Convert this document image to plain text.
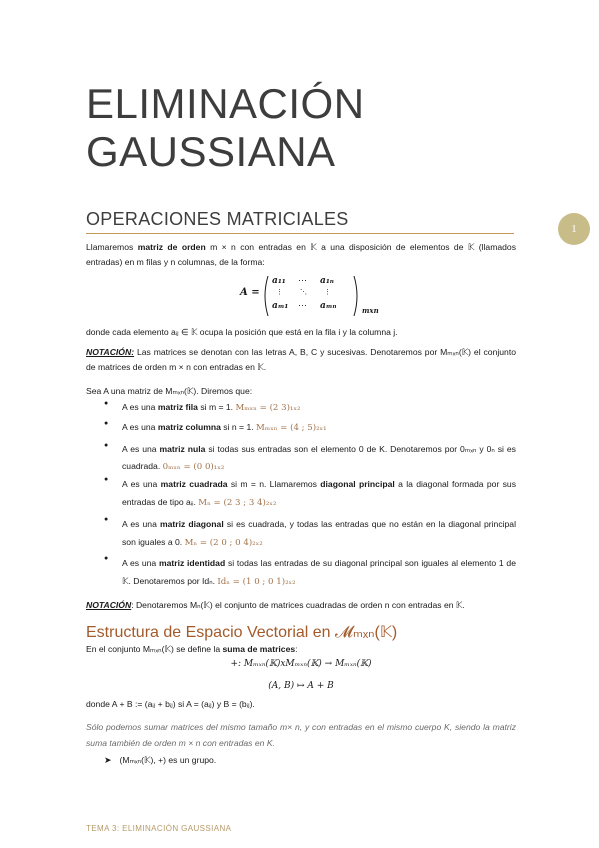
ELIMINACIÓN
GAUSSIANA
OPERACIONES MATRICIALES	1
Llamaremos matriz de orden m × n con entradas en 𝕂 a una disposición de elementos de 𝕂 (llamados entradas) en m filas y n columnas, de la forma:
A =
a₁₁ ⋯ a₁ₙ
⋮ ⋱ ⋮
aₘ₁ ⋯ aₘₙ	mxn
donde cada elemento aᵢⱼ ∈ 𝕂 ocupa la posición que está en la fila i y la columna j.
NOTACIÓN: Las matrices se denotan con las letras A, B, C y sucesivas. Denotaremos por Mₘₓₙ(𝕂) el conjunto de matrices de orden m × n con entradas en 𝕂.
Sea A una matriz de Mₘₓₙ(𝕂). Diremos que:
● A es una matriz fila si m = 1. Mₘₓₙ = (2 3)₁ₓ₂
● A es una matriz columna si n = 1. Mₘₓₙ = (4 ; 5)₂ₓ₁
● A es una matriz nula si todas sus entradas son el elemento 0 de K. Denotaremos por 0ₘₓₙ y 0ₙ si es cuadrada. 0ₘₓₙ = (0 0)₁ₓ₂
● A es una matriz cuadrada si m = n. Llamaremos diagonal principal a la diagonal formada por sus entradas de tipo aᵢᵢ. Mₙ = (2 3 ; 3 4)₂ₓ₂
● A es una matriz diagonal si es cuadrada, y todas las entradas que no están en la diagonal principal son iguales a 0. Mₙ = (2 0 ; 0 4)₂ₓ₂
● A es una matriz identidad si todas las entradas de su diagonal principal son iguales al elemento 1 de 𝕂. Denotaremos por Idₙ. Idₙ = (1 0 ; 0 1)₂ₓ₂
NOTACIÓN: Denotaremos Mₙ(𝕂) el conjunto de matrices cuadradas de orden n con entradas en 𝕂.
Estructura de Espacio Vectorial en 𝓜ₘₓₙ(𝕂)
En el conjunto Mₘₓₙ(𝕂) se define la suma de matrices:
+: 𝑀ₘₓₙ(𝕂)x𝑀ₘₓₙ(𝕂) → 𝑀ₘₓₙ(𝕂)
(𝐴, 𝐵) ↦ 𝐴 + 𝐵
donde A + B := (aᵢⱼ + bᵢⱼ) si A = (aᵢⱼ) y B = (bᵢⱼ).
Sólo podemos sumar matrices del mismo tamaño m× n, y con entradas en el mismo cuerpo K, siendo la matriz suma también de orden m × n con entradas en K.
➤ (Mₘₓₙ(𝕂), +) es un grupo.
TEMA 3: ELIMINACIÓN GAUSSIANA
